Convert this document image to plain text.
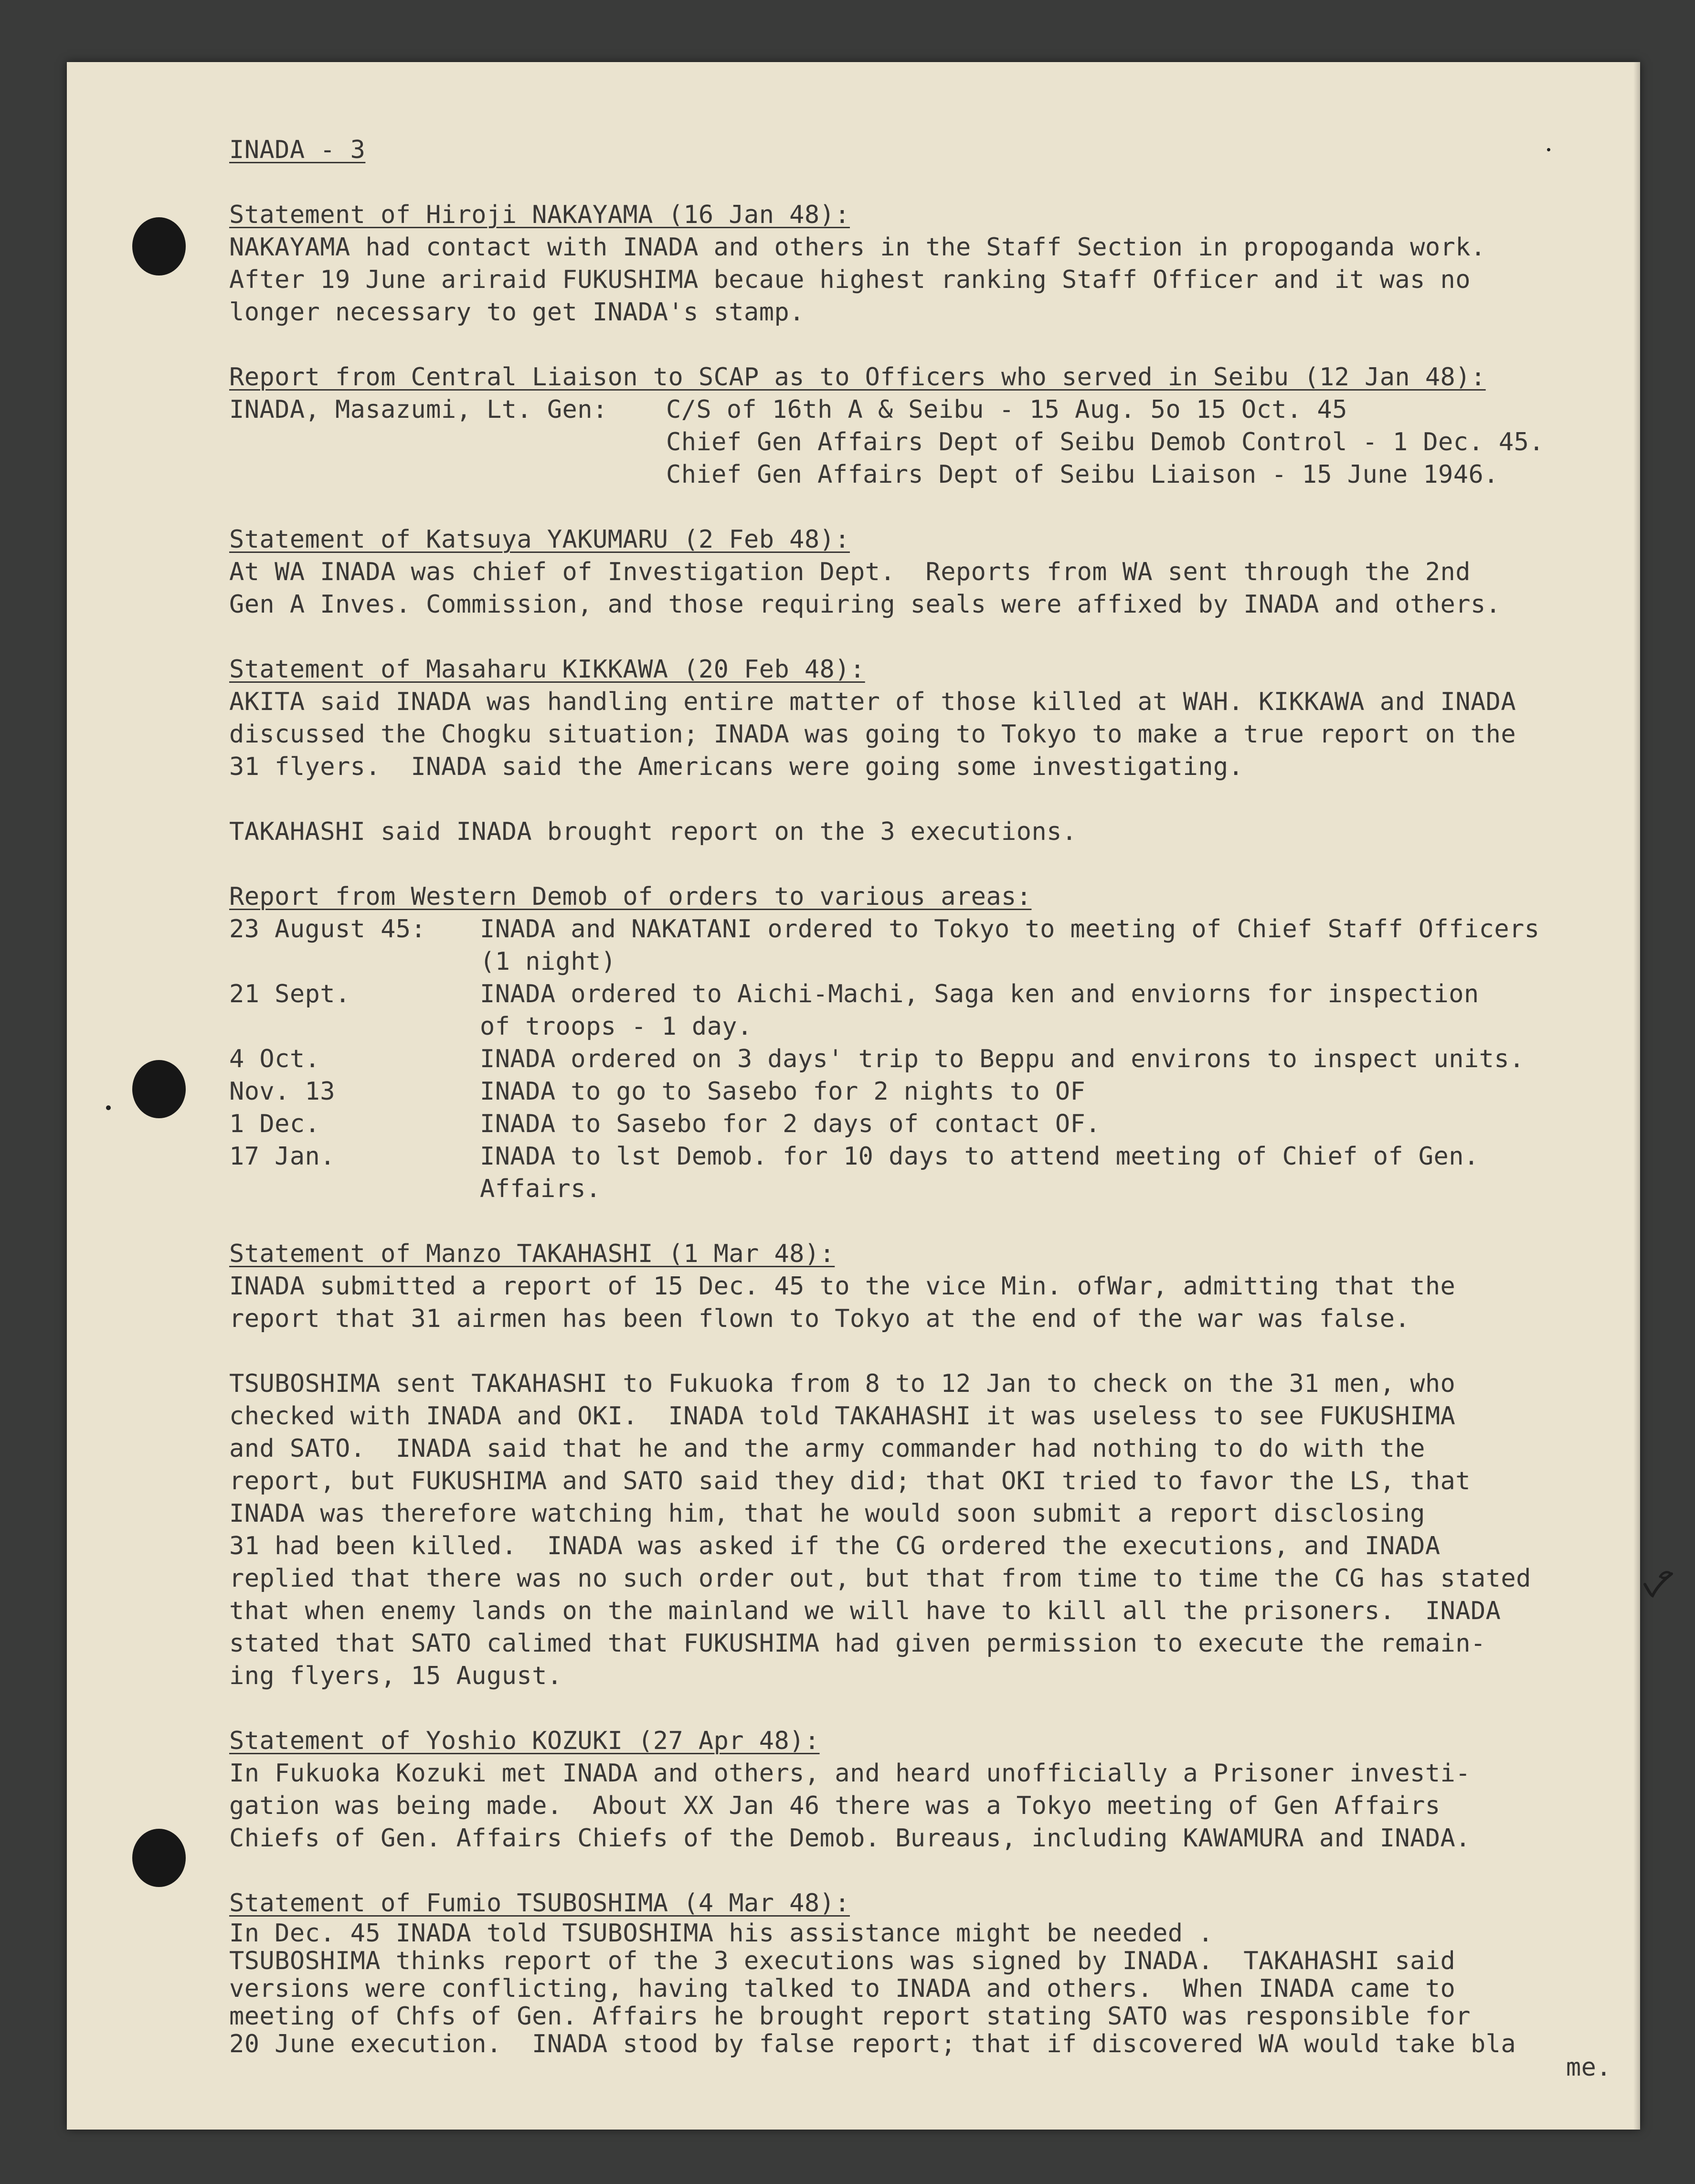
INADA - 3
Statement of Hiroji NAKAYAMA (16 Jan 48):
NAKAYAMA had contact with INADA and others in the Staff Section in propoganda work.
After 19 June ariraid FUKUSHIMA becaue highest ranking Staff Officer and it was no
longer necessary to get INADA's stamp.
Report from Central Liaison to SCAP as to Officers who served in Seibu (12 Jan 48):
INADA, Masazumi, Lt. Gen:	C/S of 16th A & Seibu - 15 Aug. 5o 15 Oct. 45
Chief Gen Affairs Dept of Seibu Demob Control - 1 Dec. 45.
Chief Gen Affairs Dept of Seibu Liaison - 15 June 1946.
Statement of Katsuya YAKUMARU (2 Feb 48):
At WA INADA was chief of Investigation Dept.  Reports from WA sent through the 2nd
Gen A Inves. Commission, and those requiring seals were affixed by INADA and others.
Statement of Masaharu KIKKAWA (20 Feb 48):
AKITA said INADA was handling entire matter of those killed at WAH. KIKKAWA and INADA
discussed the Chogku situation; INADA was going to Tokyo to make a true report on the
31 flyers.  INADA said the Americans were going some investigating.
TAKAHASHI said INADA brought report on the 3 executions.
Report from Western Demob of orders to various areas:
23 August 45:	INADA and NAKATANI ordered to Tokyo to meeting of Chief Staff Officers
(1 night)
21 Sept.	INADA ordered to Aichi-Machi, Saga ken and enviorns for inspection
of troops - 1 day.
4 Oct.	INADA ordered on 3 days' trip to Beppu and environs to inspect units.
Nov. 13	INADA to go to Sasebo for 2 nights to OF
1 Dec.	INADA to Sasebo for 2 days of contact OF.
17 Jan.	INADA to lst Demob. for 10 days to attend meeting of Chief of Gen.
Affairs.
Statement of Manzo TAKAHASHI (1 Mar 48):
INADA submitted a report of 15 Dec. 45 to the vice Min. ofWar, admitting that the
report that 31 airmen has been flown to Tokyo at the end of the war was false.
TSUBOSHIMA sent TAKAHASHI to Fukuoka from 8 to 12 Jan to check on the 31 men, who
checked with INADA and OKI.  INADA told TAKAHASHI it was useless to see FUKUSHIMA
and SATO.  INADA said that he and the army commander had nothing to do with the
report, but FUKUSHIMA and SATO said they did; that OKI tried to favor the LS, that
INADA was therefore watching him, that he would soon submit a report disclosing
31 had been killed.  INADA was asked if the CG ordered the executions, and INADA
replied that there was no such order out, but that from time to time the CG has stated
that when enemy lands on the mainland we will have to kill all the prisoners.  INADA
stated that SATO calimed that FUKUSHIMA had given permission to execute the remain-
ing flyers, 15 August.
Statement of Yoshio KOZUKI (27 Apr 48):
In Fukuoka Kozuki met INADA and others, and heard unofficially a Prisoner investi-
gation was being made.  About XX Jan 46 there was a Tokyo meeting of Gen Affairs
Chiefs of Gen. Affairs Chiefs of the Demob. Bureaus, including KAWAMURA and INADA.
Statement of Fumio TSUBOSHIMA (4 Mar 48):
In Dec. 45 INADA told TSUBOSHIMA his assistance might be needed .
TSUBOSHIMA thinks report of the 3 executions was signed by INADA.  TAKAHASHI said
versions were conflicting, having talked to INADA and others.  When INADA came to
meeting of Chfs of Gen. Affairs he brought report stating SATO was responsible for
20 June execution.  INADA stood by false report; that if discovered WA would take bla
me.
